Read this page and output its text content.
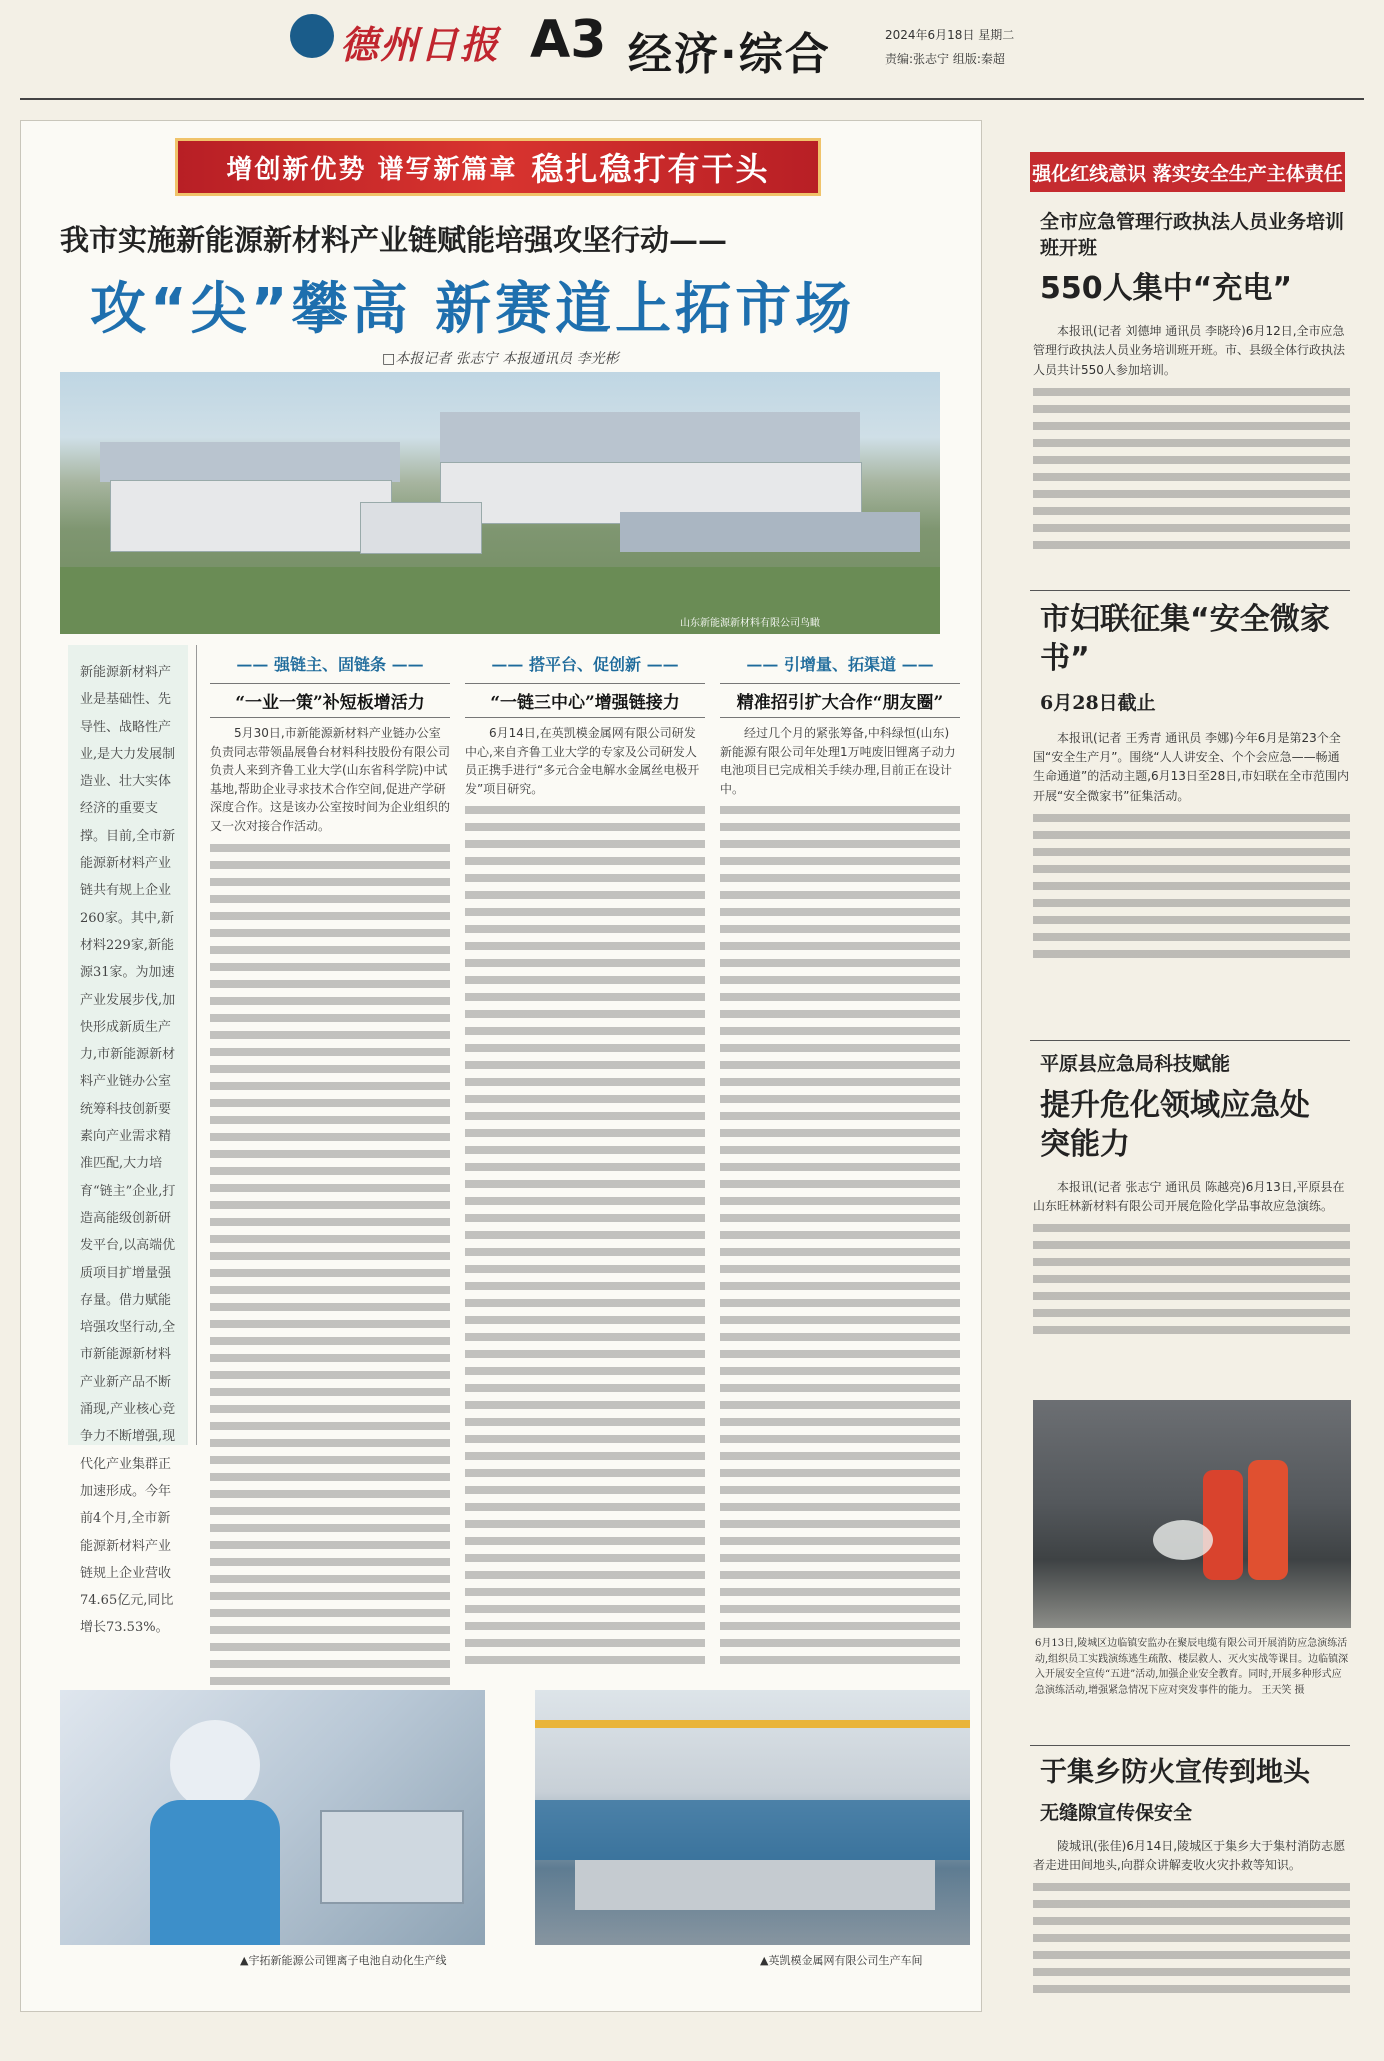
德州日报 A3 经济·综合	2024年6月18日 星期二
责编:张志宁 组版:秦超
增创新优势 谱写新篇章 稳扎稳打有干头
我市实施新能源新材料产业链赋能培强攻坚行动——
攻“尖”攀高 新赛道上拓市场
□本报记者 张志宁 本报通讯员 李光彬
山东新能源新材料有限公司鸟瞰

新能源新材料产业是基础性、先导性、战略性产业,是大力发展制造业、壮大实体经济的重要支撑。目前,全市新能源新材料产业链共有规上企业260家。其中,新材料229家,新能源31家。为加速产业发展步伐,加快形成新质生产力,市新能源新材料产业链办公室统筹科技创新要素向产业需求精准匹配,大力培育“链主”企业,打造高能级创新研发平台,以高端优质项目扩增量强存量。借力赋能培强攻坚行动,全市新能源新材料产业新产品不断涌现,产业核心竞争力不断增强,现代化产业集群正加速形成。今年前4个月,全市新能源新材料产业链规上企业营收74.65亿元,同比增长73.53%。

—— 强链主、固链条 ——
“一业一策”补短板增活力

5月30日,市新能源新材料产业链办公室负责同志带领晶展鲁台材料科技股份有限公司负责人来到齐鲁工业大学(山东省科学院)中试基地,帮助企业寻求技术合作空间,促进产学研深度合作。这是该办公室按时间为企业组织的又一次对接合作活动。

—— 搭平台、促创新 ——
“一链三中心”增强链接力

6月14日,在英凯模金属网有限公司研发中心,来自齐鲁工业大学的专家及公司研发人员正携手进行“多元合金电解水金属丝电极开发”项目研究。

—— 引增量、拓渠道 ——
精准招引扩大合作“朋友圈”

经过几个月的紧张筹备,中科绿恒(山东)新能源有限公司年处理1万吨废旧锂离子动力电池项目已完成相关手续办理,目前正在设计中。

▲宇拓新能源公司锂离子电池自动化生产线	▲英凯模金属网有限公司生产车间
强化红线意识 落实安全生产主体责任
全市应急管理行政执法人员业务培训班开班
550人集中“充电”

本报讯(记者 刘德坤 通讯员 李晓玲)6月12日,全市应急管理行政执法人员业务培训班开班。市、县级全体行政执法人员共计550人参加培训。

市妇联征集“安全微家书”
6月28日截止

本报讯(记者 王秀青 通讯员 李娜)今年6月是第23个全国“安全生产月”。围绕“人人讲安全、个个会应急——畅通生命通道”的活动主题,6月13日至28日,市妇联在全市范围内开展“安全微家书”征集活动。

平原县应急局科技赋能
提升危化领域应急处突能力

本报讯(记者 张志宁 通讯员 陈越亮)6月13日,平原县在山东旺林新材料有限公司开展危险化学品事故应急演练。

6月13日,陵城区边临镇安监办在聚辰电缆有限公司开展消防应急演练活动,组织员工实践演练逃生疏散、楼层救人、灭火实战等课目。边临镇深入开展安全宣传“五进”活动,加强企业安全教育。同时,开展多种形式应急演练活动,增强紧急情况下应对突发事件的能力。 王天笑 摄
于集乡防火宣传到地头
无缝隙宣传保安全

陵城讯(张佳)6月14日,陵城区于集乡大于集村消防志愿者走进田间地头,向群众讲解麦收火灾扑救等知识。
